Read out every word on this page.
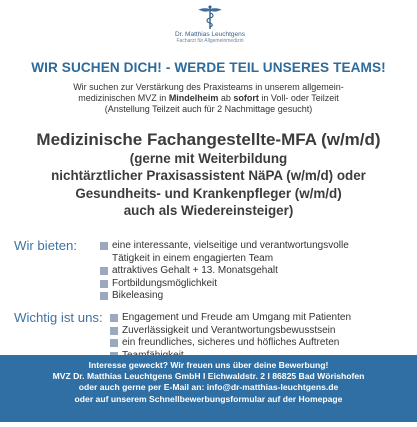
Dr. Matthias Leuchtgens
Facharzt für Allgemeinmedizin
WIR SUCHEN DICH! - WERDE TEIL UNSERES TEAMS!
Wir suchen zur Verstärkung des Praxisteams in unserem allgemein-
medizinischen MVZ in Mindelheim ab sofort in Voll- oder Teilzeit
(Anstellung Teilzeit auch für 2 Nachmittage gesucht)
Medizinische Fachangestellte-MFA (w/m/d)
(gerne mit Weiterbildung
nichtärztlicher Praxisassistent NäPA (w/m/d) oder
Gesundheits- und Krankenpfleger (w/m/d)
auch als Wiedereinsteiger)
Wir bieten:	eine interessante, vielseitige und verantwortungsvolle
Tätigkeit in einem engagierten Team
attraktives Gehalt + 13. Monatsgehalt
Fortbildungsmöglichkeit
Bikeleasing
Wichtig ist uns:	Engagement und Freude am Umgang mit Patienten
Zuverlässigkeit und Verantwortungsbewusstsein
ein freundliches, sicheres und höfliches Auftreten
Interesse geweckt? Wir freuen uns über deine Bewerbung!
MVZ Dr. Matthias Leuchtgens GmbH I Eichwaldstr. 2 I 86825 Bad Wörishofen
oder auch gerne per E-Mail an: info@dr-matthias-leuchtgens.de
oder auf unserem Schnellbewerbungsformular auf der Homepage
